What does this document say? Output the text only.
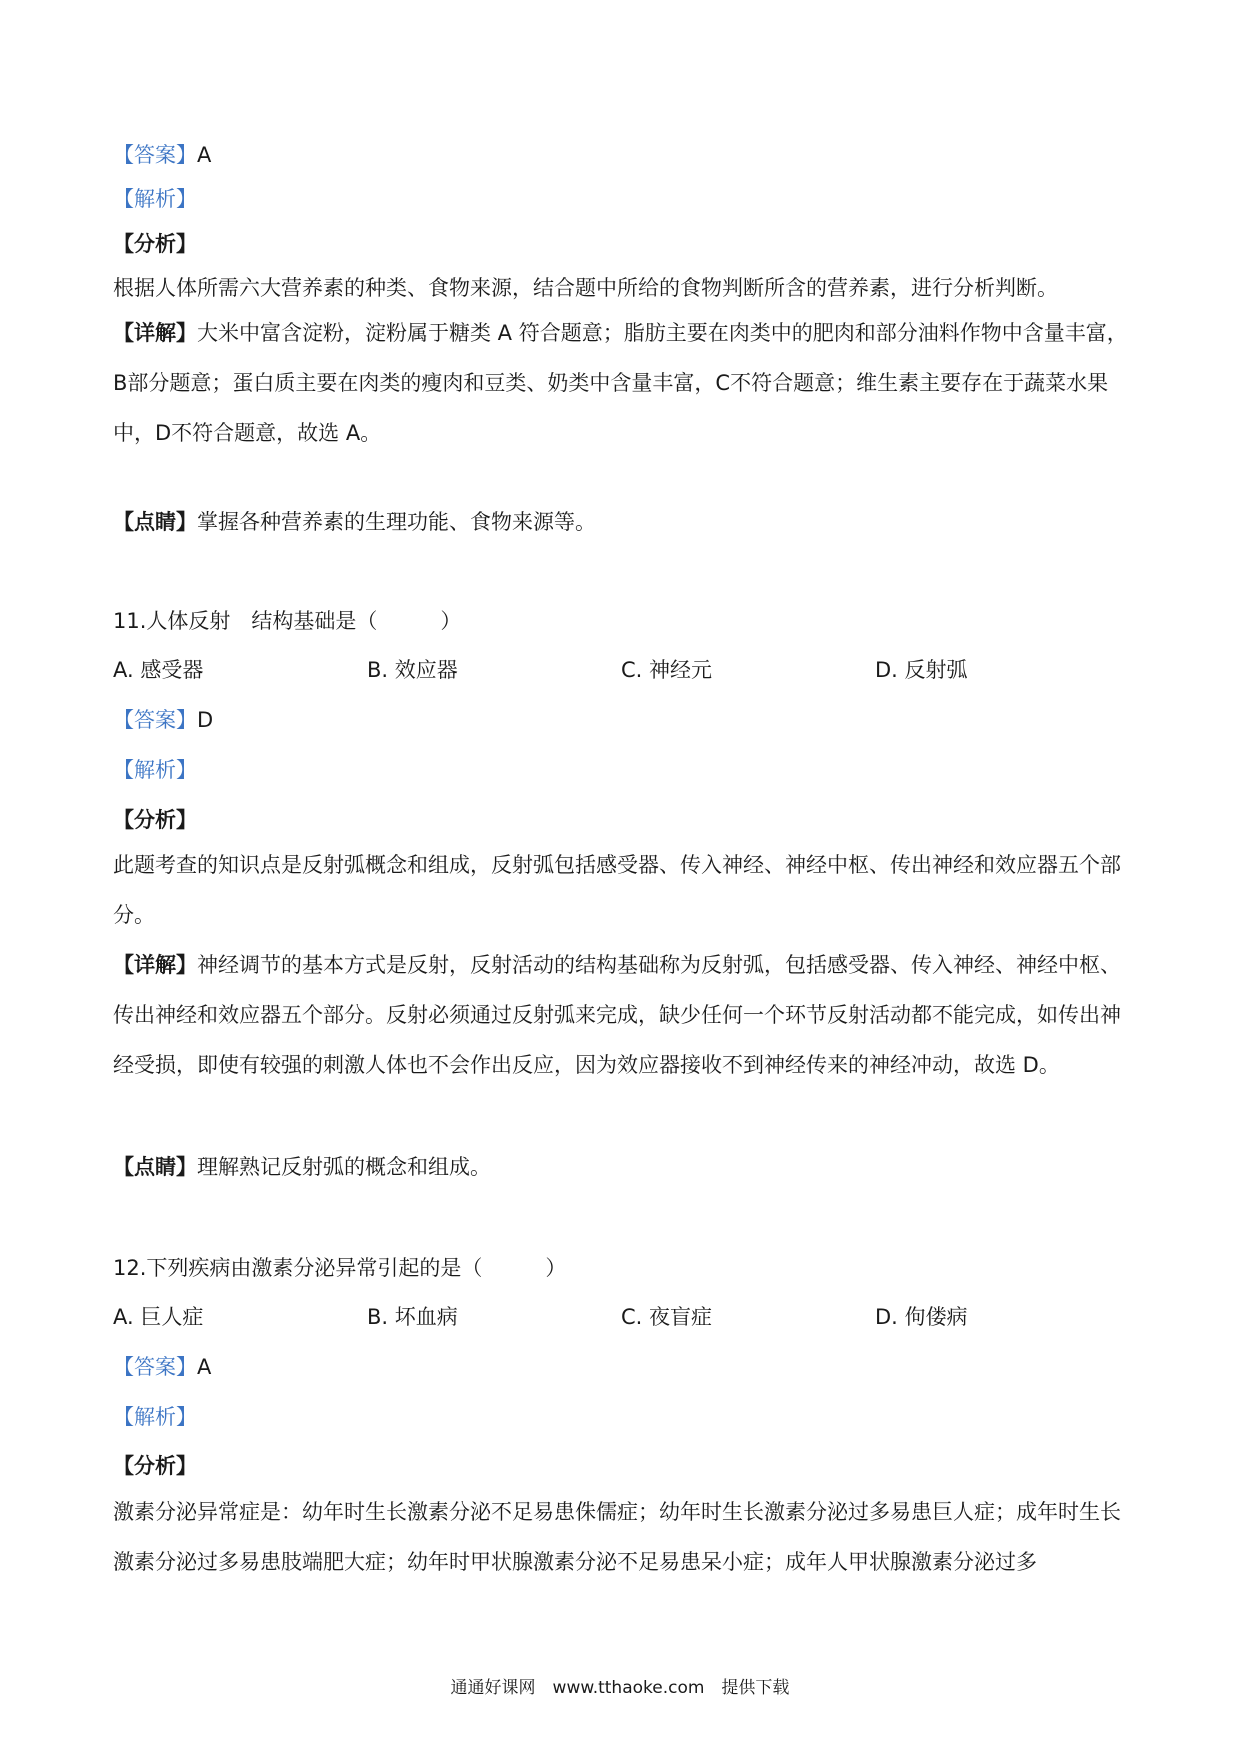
【答案】A
【解析】
【分析】
根据人体所需六大营养素的种类、食物来源，结合题中所给的食物判断所含的营养素，进行分析判断。
【详解】大米中富含淀粉，淀粉属于糖类 A 符合题意；脂肪主要在肉类中的肥肉和部分油料作物中含量丰富，B部分题意；蛋白质主要在肉类的瘦肉和豆类、奶类中含量丰富，C不符合题意；维生素主要存在于蔬菜水果中，D不符合题意，故选 A。
【点睛】掌握各种营养素的生理功能、食物来源等。
11.人体反射　结构基础是（　　　）
A. 感受器	B. 效应器	C. 神经元	D. 反射弧
【答案】D
【解析】
【分析】
此题考查的知识点是反射弧概念和组成，反射弧包括感受器、传入神经、神经中枢、传出神经和效应器五个部分。
【详解】神经调节的基本方式是反射，反射活动的结构基础称为反射弧，包括感受器、传入神经、神经中枢、传出神经和效应器五个部分。反射必须通过反射弧来完成，缺少任何一个环节反射活动都不能完成，如传出神经受损，即使有较强的刺激人体也不会作出反应，因为效应器接收不到神经传来的神经冲动，故选 D。
【点睛】理解熟记反射弧的概念和组成。
12.下列疾病由激素分泌异常引起的是（　　　）
A. 巨人症	B. 坏血病	C. 夜盲症	D. 佝偻病
【答案】A
【解析】
【分析】
激素分泌异常症是：幼年时生长激素分泌不足易患侏儒症；幼年时生长激素分泌过多易患巨人症；成年时生长激素分泌过多易患肢端肥大症；幼年时甲状腺激素分泌不足易患呆小症；成年人甲状腺激素分泌过多
通通好课网　www.tthaoke.com　提供下载
